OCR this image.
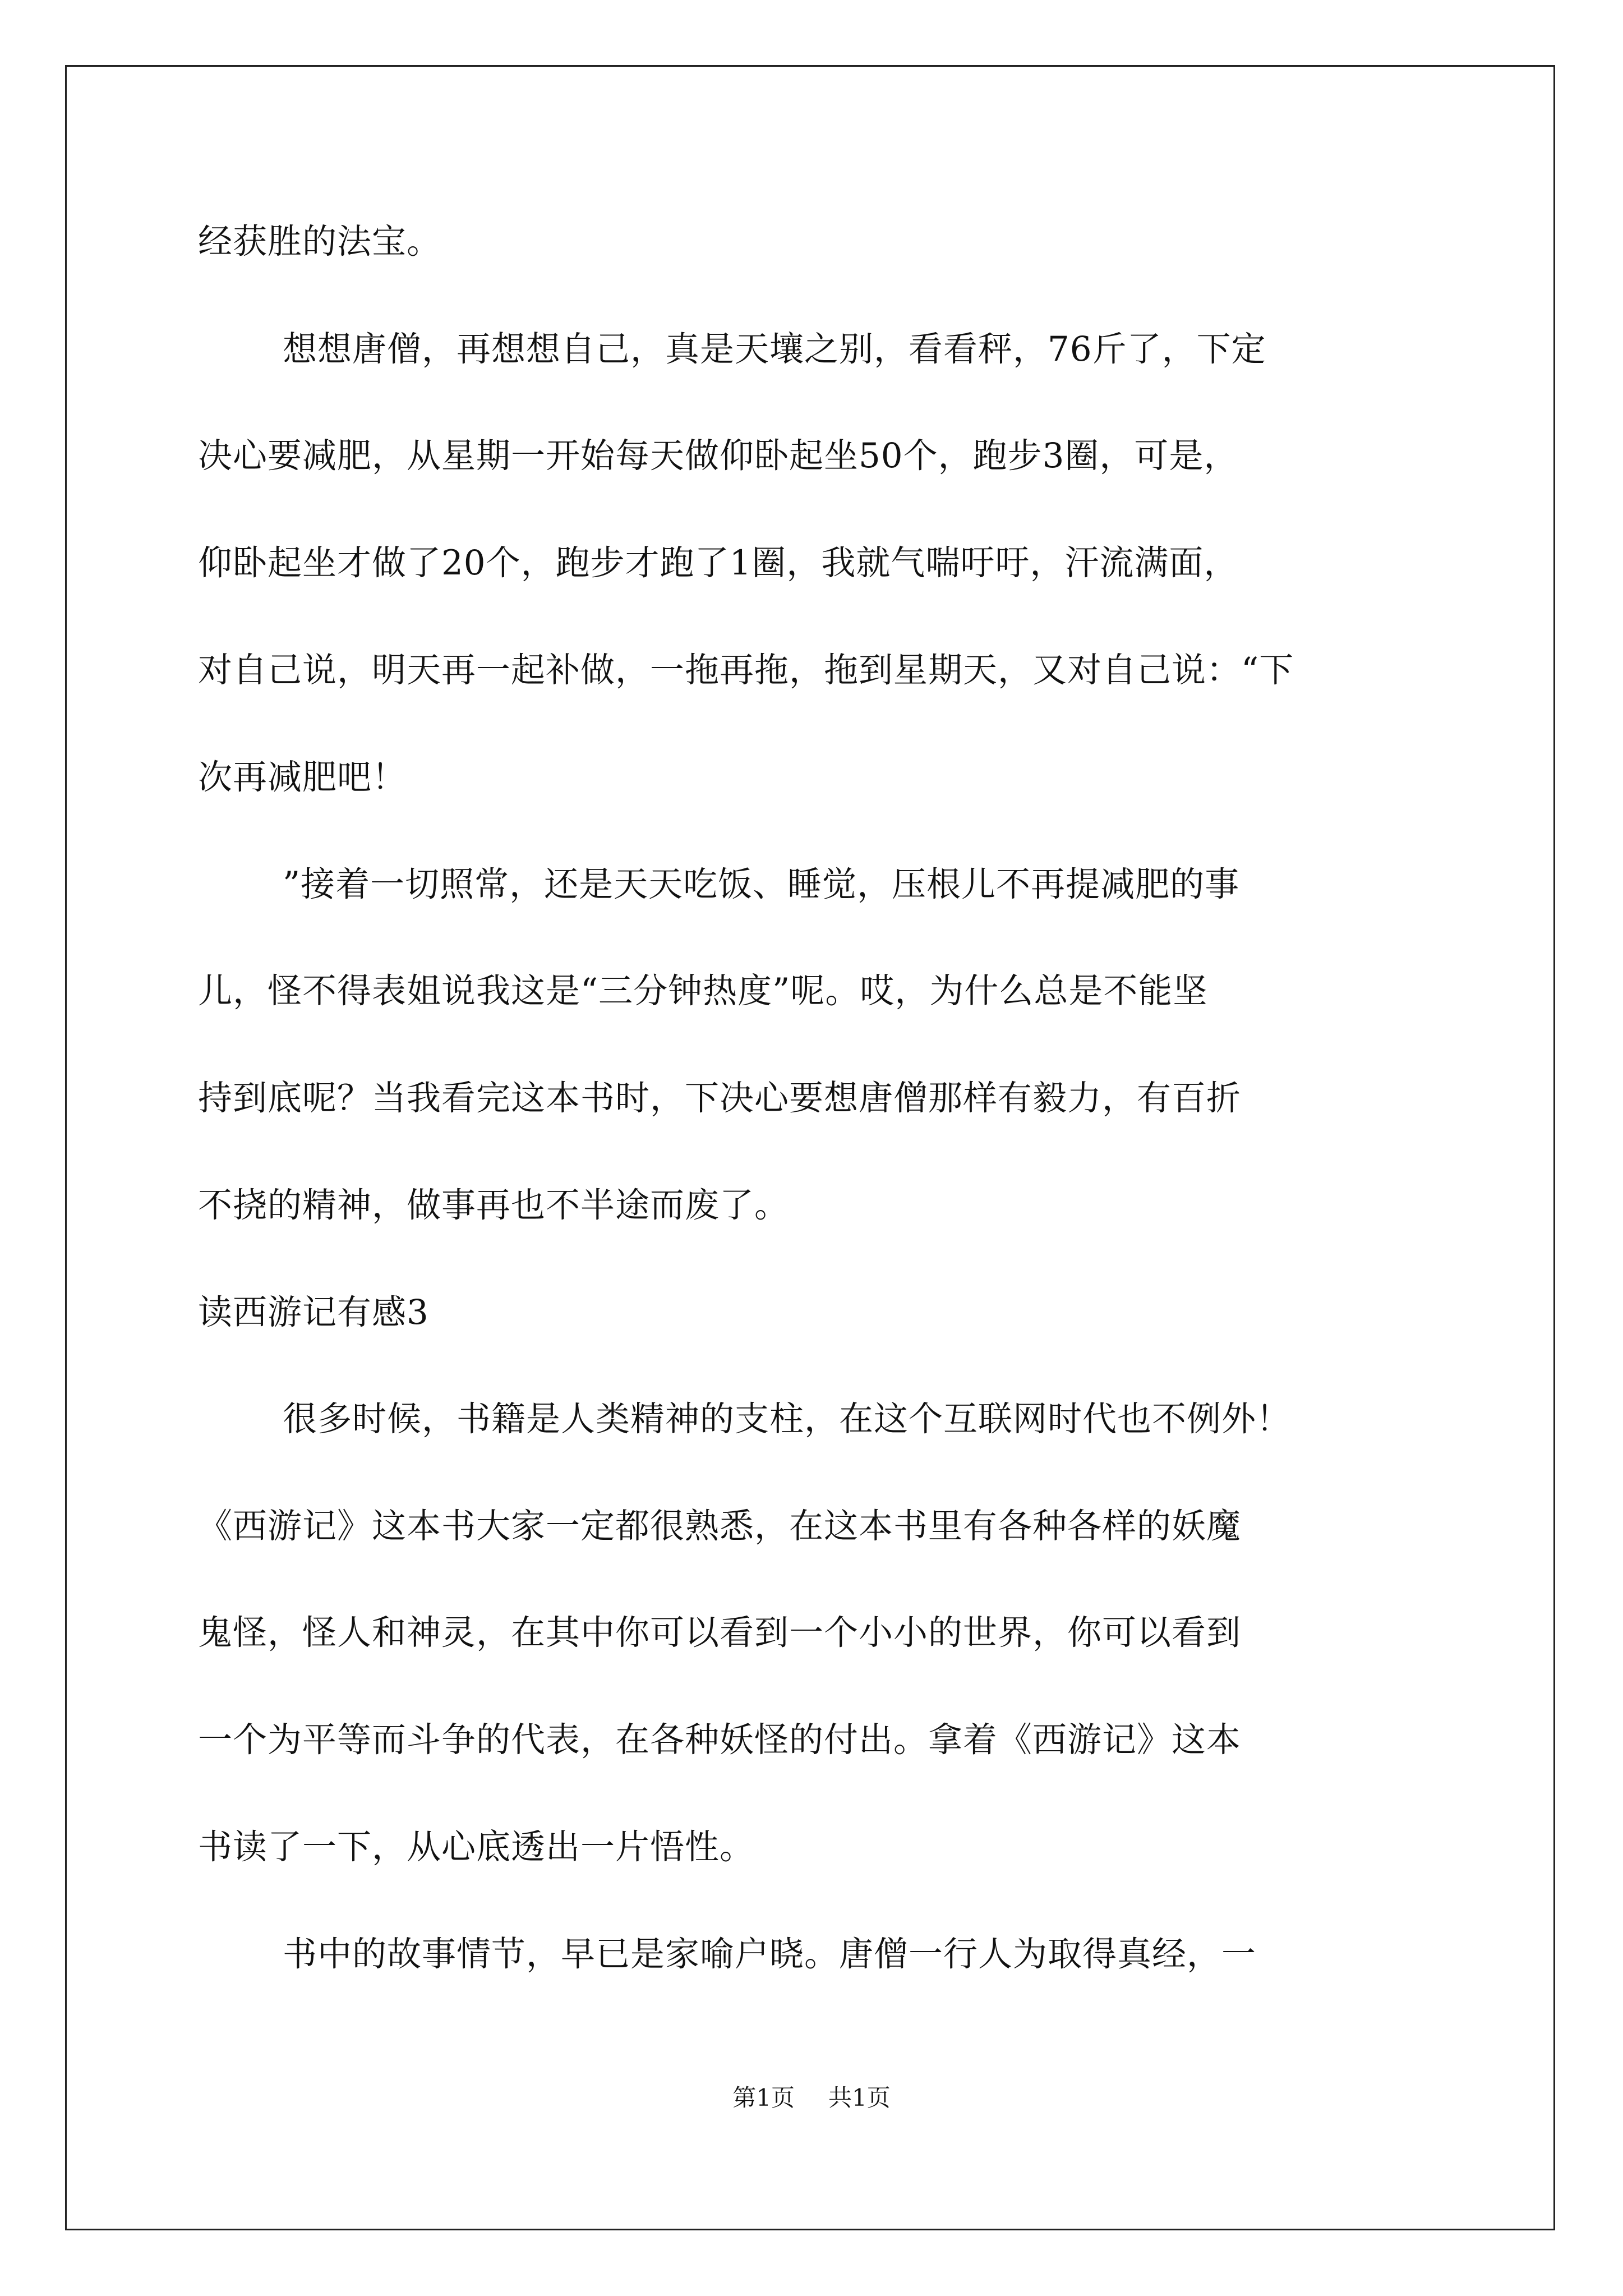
经获胜的法宝。
想想唐僧，再想想自己，真是天壤之别，看看秤，76斤了，下定
决心要减肥，从星期一开始每天做仰卧起坐50个，跑步3圈，可是，
仰卧起坐才做了20个，跑步才跑了1圈，我就气喘吁吁，汗流满面，
对自己说，明天再一起补做，一拖再拖，拖到星期天，又对自己说：“下
次再减肥吧！
”接着一切照常，还是天天吃饭、睡觉，压根儿不再提减肥的事
儿，怪不得表姐说我这是“三分钟热度”呢。哎，为什么总是不能坚
持到底呢？当我看完这本书时，下决心要想唐僧那样有毅力，有百折
不挠的精神，做事再也不半途而废了。
读西游记有感3
很多时候，书籍是人类精神的支柱，在这个互联网时代也不例外！
《西游记》这本书大家一定都很熟悉，在这本书里有各种各样的妖魔
鬼怪，怪人和神灵，在其中你可以看到一个小小的世界，你可以看到
一个为平等而斗争的代表，在各种妖怪的付出。拿着《西游记》这本
书读了一下，从心底透出一片悟性。
书中的故事情节，早已是家喻户晓。唐僧一行人为取得真经，一
第1页 共1页
